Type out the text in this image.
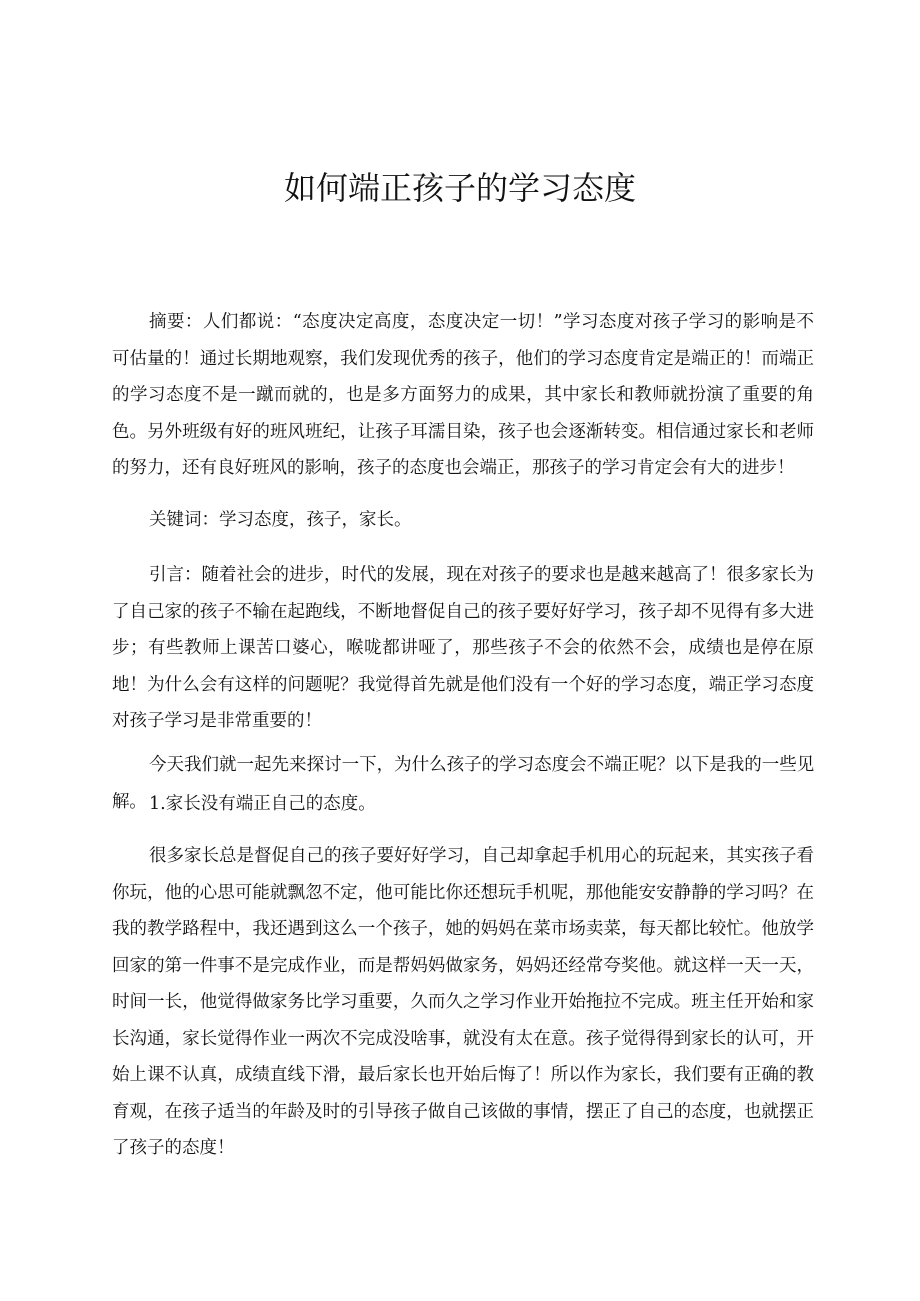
如何端正孩子的学习态度

摘要：人们都说：“态度决定高度，态度决定一切！”学习态度对孩子学习的影响是不可估量的！通过长期地观察，我们发现优秀的孩子，他们的学习态度肯定是端正的！而端正的学习态度不是一蹴而就的，也是多方面努力的成果，其中家长和教师就扮演了重要的角色。另外班级有好的班风班纪，让孩子耳濡目染，孩子也会逐渐转变。相信通过家长和老师的努力，还有良好班风的影响，孩子的态度也会端正，那孩子的学习肯定会有大的进步！

关键词：学习态度，孩子，家长。

引言：随着社会的进步，时代的发展，现在对孩子的要求也是越来越高了！很多家长为了自己家的孩子不输在起跑线，不断地督促自己的孩子要好好学习，孩子却不见得有多大进步；有些教师上课苦口婆心，喉咙都讲哑了，那些孩子不会的依然不会，成绩也是停在原地！为什么会有这样的问题呢？我觉得首先就是他们没有一个好的学习态度，端正学习态度对孩子学习是非常重要的！

今天我们就一起先来探讨一下，为什么孩子的学习态度会不端正呢？以下是我的一些见解。 1.家长没有端正自己的态度。

很多家长总是督促自己的孩子要好好学习，自己却拿起手机用心的玩起来，其实孩子看你玩，他的心思可能就飘忽不定，他可能比你还想玩手机呢，那他能安安静静的学习吗？在我的教学路程中，我还遇到这么一个孩子，她的妈妈在菜市场卖菜，每天都比较忙。他放学回家的第一件事不是完成作业，而是帮妈妈做家务，妈妈还经常夸奖他。就这样一天一天，时间一长，他觉得做家务比学习重要，久而久之学习作业开始拖拉不完成。班主任开始和家长沟通，家长觉得作业一两次不完成没啥事，就没有太在意。孩子觉得得到家长的认可，开始上课不认真，成绩直线下滑，最后家长也开始后悔了！所以作为家长，我们要有正确的教育观，在孩子适当的年龄及时的引导孩子做自己该做的事情，摆正了自己的态度，也就摆正了孩子的态度！
